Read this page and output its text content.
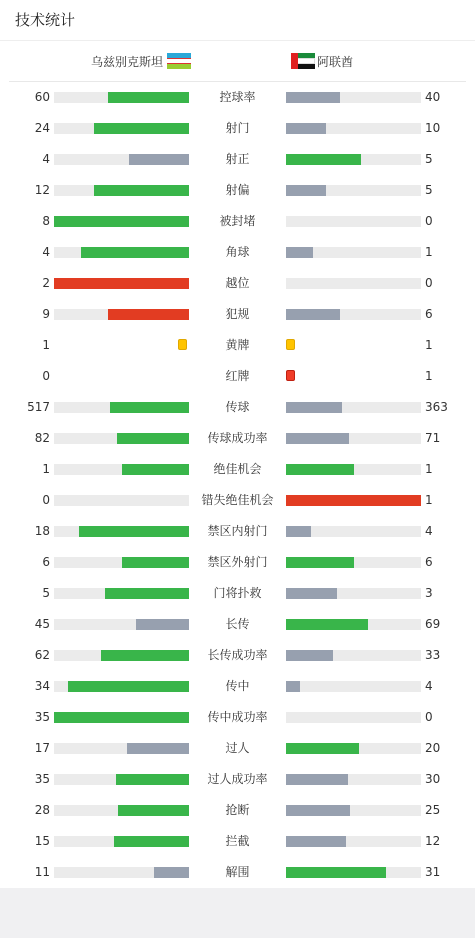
技术统计
乌兹别克斯坦	阿联酋
60	控球率	40
24	射门	10
4	射正	5
12	射偏	5
8	被封堵	0
4	角球	1
2	越位	0
9	犯规	6
1	黄牌	1
0	红牌	1
517	传球	363
82	传球成功率	71
1	绝佳机会	1
0	错失绝佳机会	1
18	禁区内射门	4
6	禁区外射门	6
5	门将扑救	3
45	长传	69
62	长传成功率	33
34	传中	4
35	传中成功率	0
17	过人	20
35	过人成功率	30
28	抢断	25
15	拦截	12
11	解围	31
